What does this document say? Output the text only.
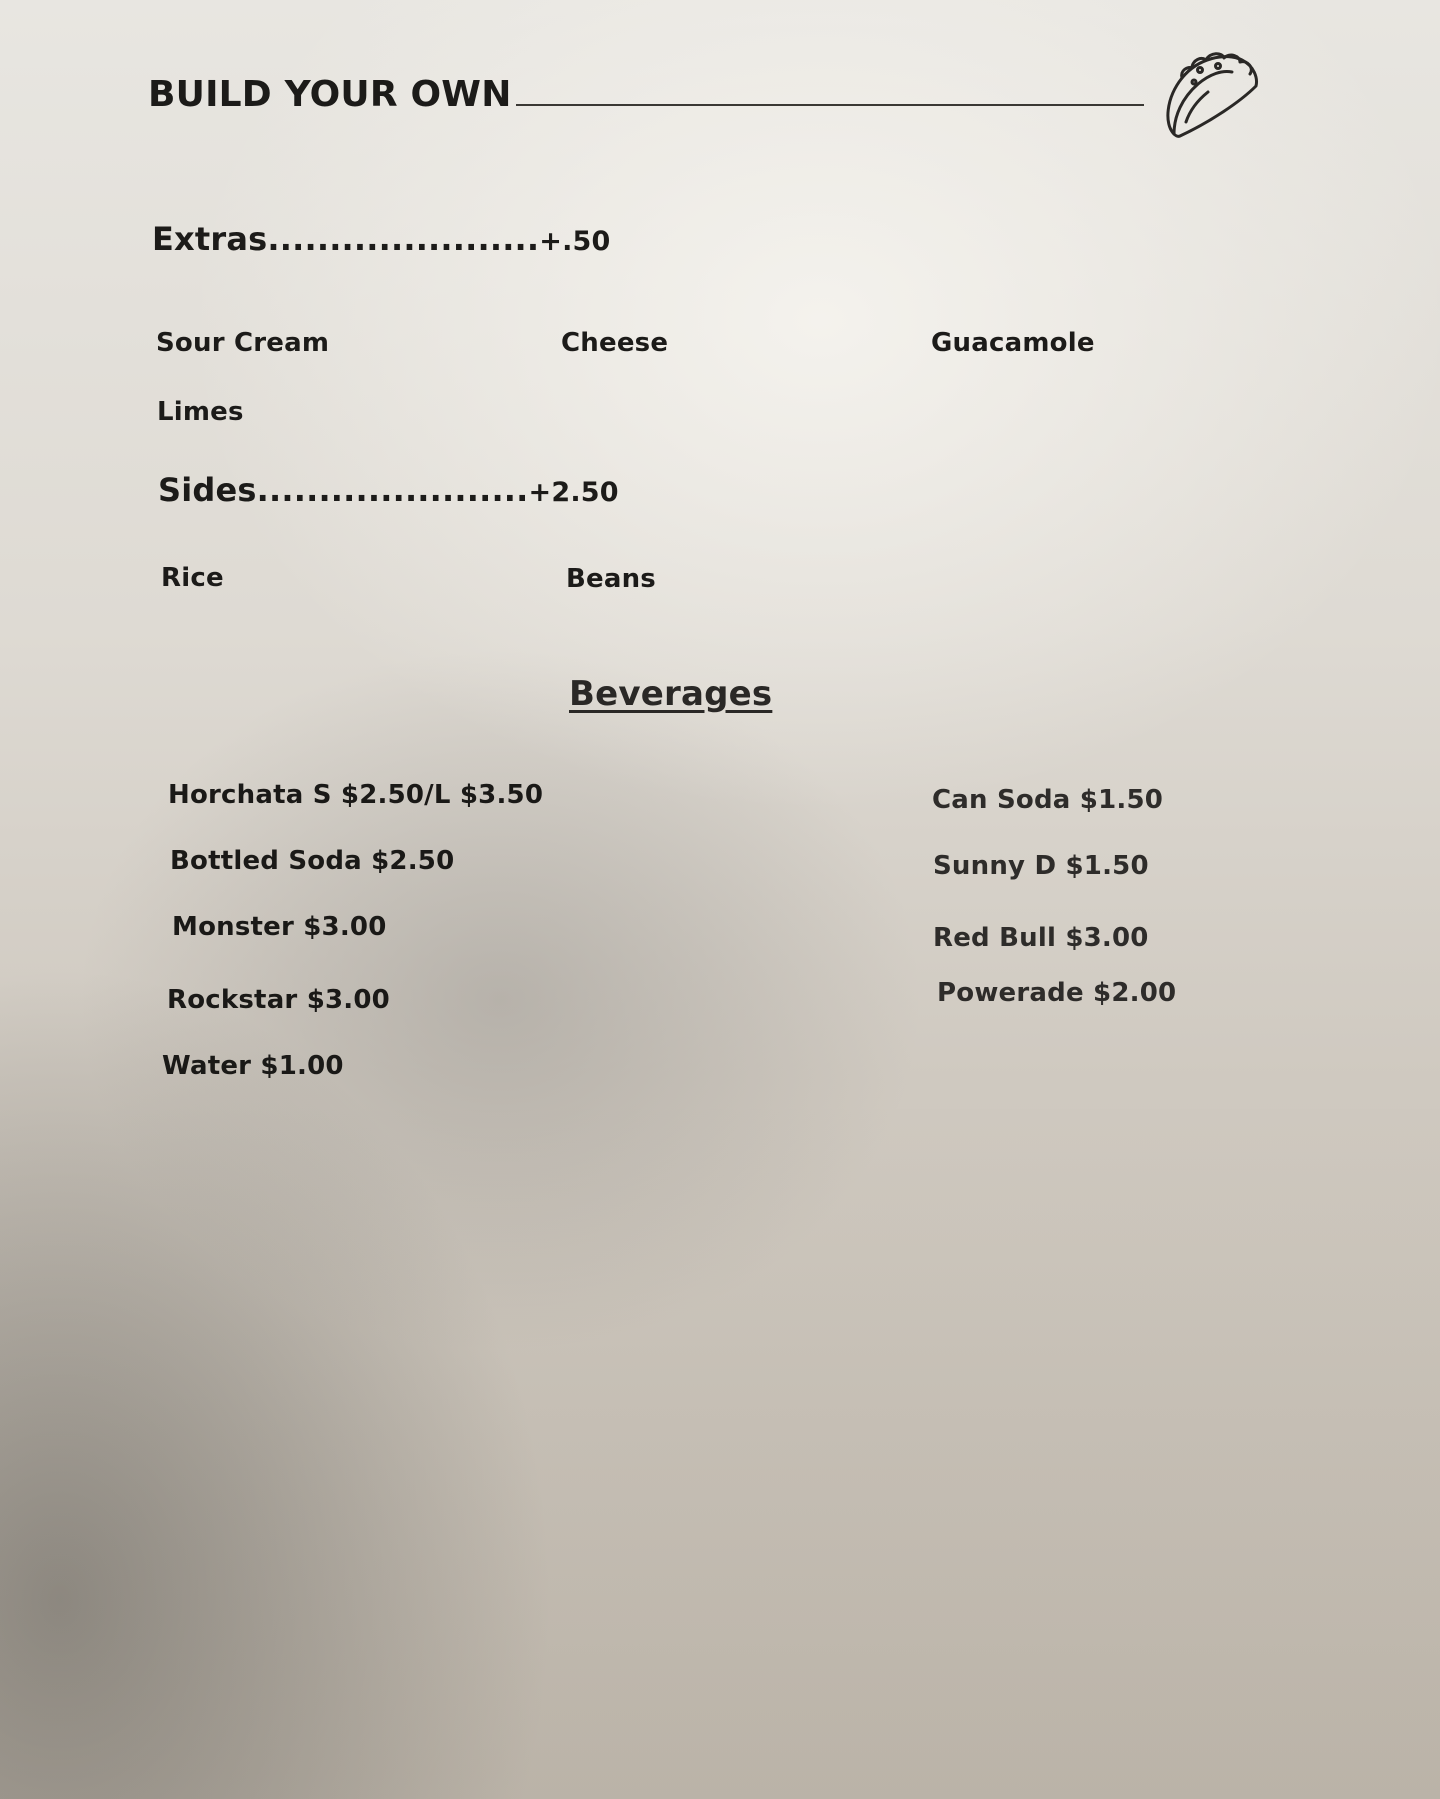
BUILD YOUR OWN
Extras......................+.50
Sour Cream	Cheese	Guacamole
Limes
Sides......................+2.50
Rice	Beans
Beverages
Horchata S $2.50/L $3.50
Bottled Soda $2.50
Monster $3.00
Rockstar $3.00
Water $1.00
Can Soda $1.50
Sunny D $1.50
Red Bull $3.00
Powerade $2.00
